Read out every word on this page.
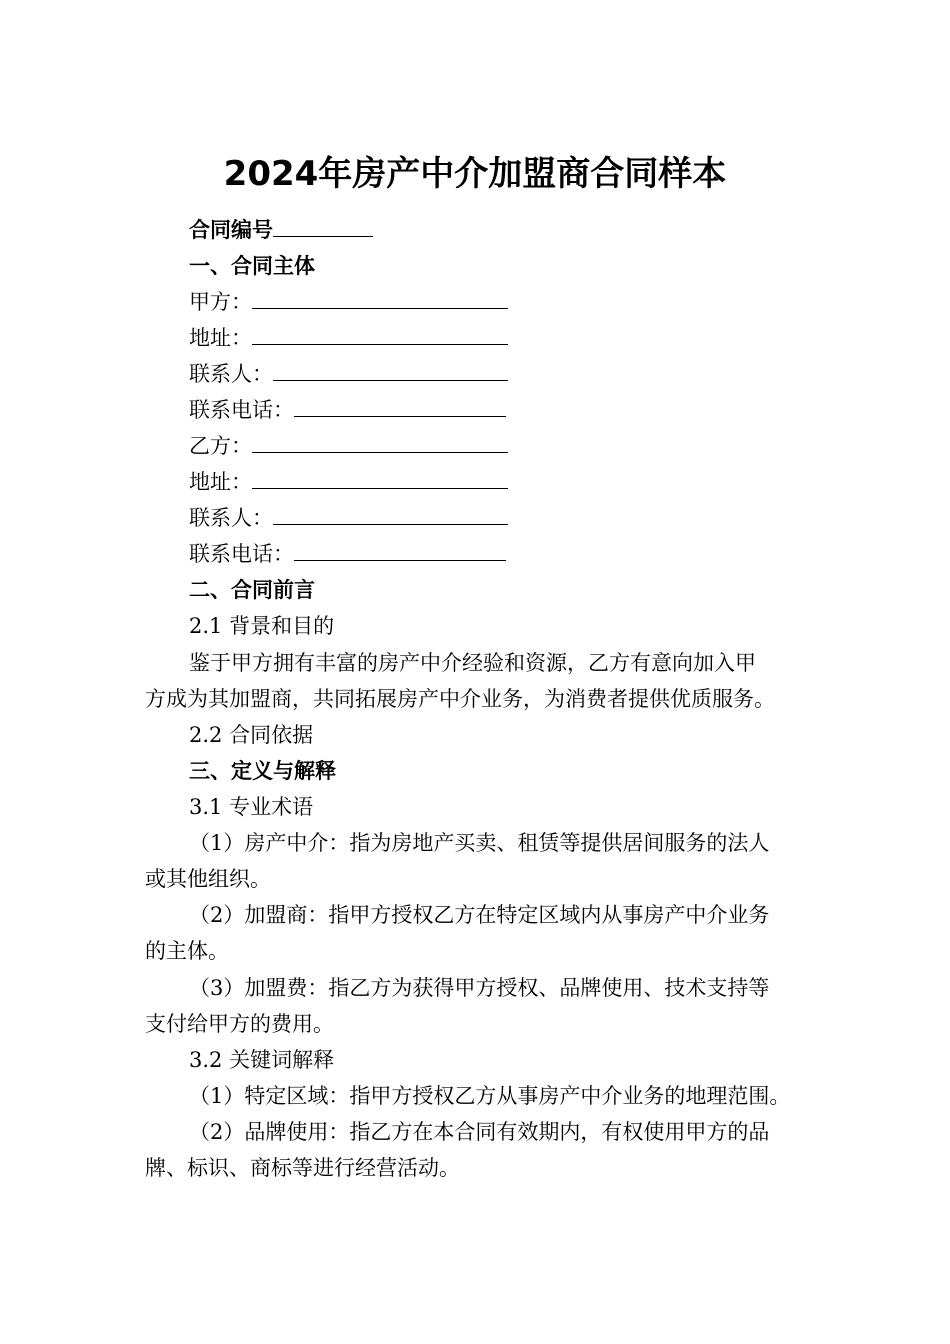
2024年房产中介加盟商合同样本
合同编号
一、合同主体
甲方：
地址：
联系人：
联系电话：
乙方：
地址：
联系人：
联系电话：
二、合同前言
2.1 背景和目的
鉴于甲方拥有丰富的房产中介经验和资源，乙方有意向加入甲
方成为其加盟商，共同拓展房产中介业务，为消费者提供优质服务。
2.2 合同依据
三、定义与解释
3.1 专业术语
（1）房产中介：指为房地产买卖、租赁等提供居间服务的法人
或其他组织。
（2）加盟商：指甲方授权乙方在特定区域内从事房产中介业务
的主体。
（3）加盟费：指乙方为获得甲方授权、品牌使用、技术支持等
支付给甲方的费用。
3.2 关键词解释
（1）特定区域：指甲方授权乙方从事房产中介业务的地理范围。
（2）品牌使用：指乙方在本合同有效期内，有权使用甲方的品
牌、标识、商标等进行经营活动。
